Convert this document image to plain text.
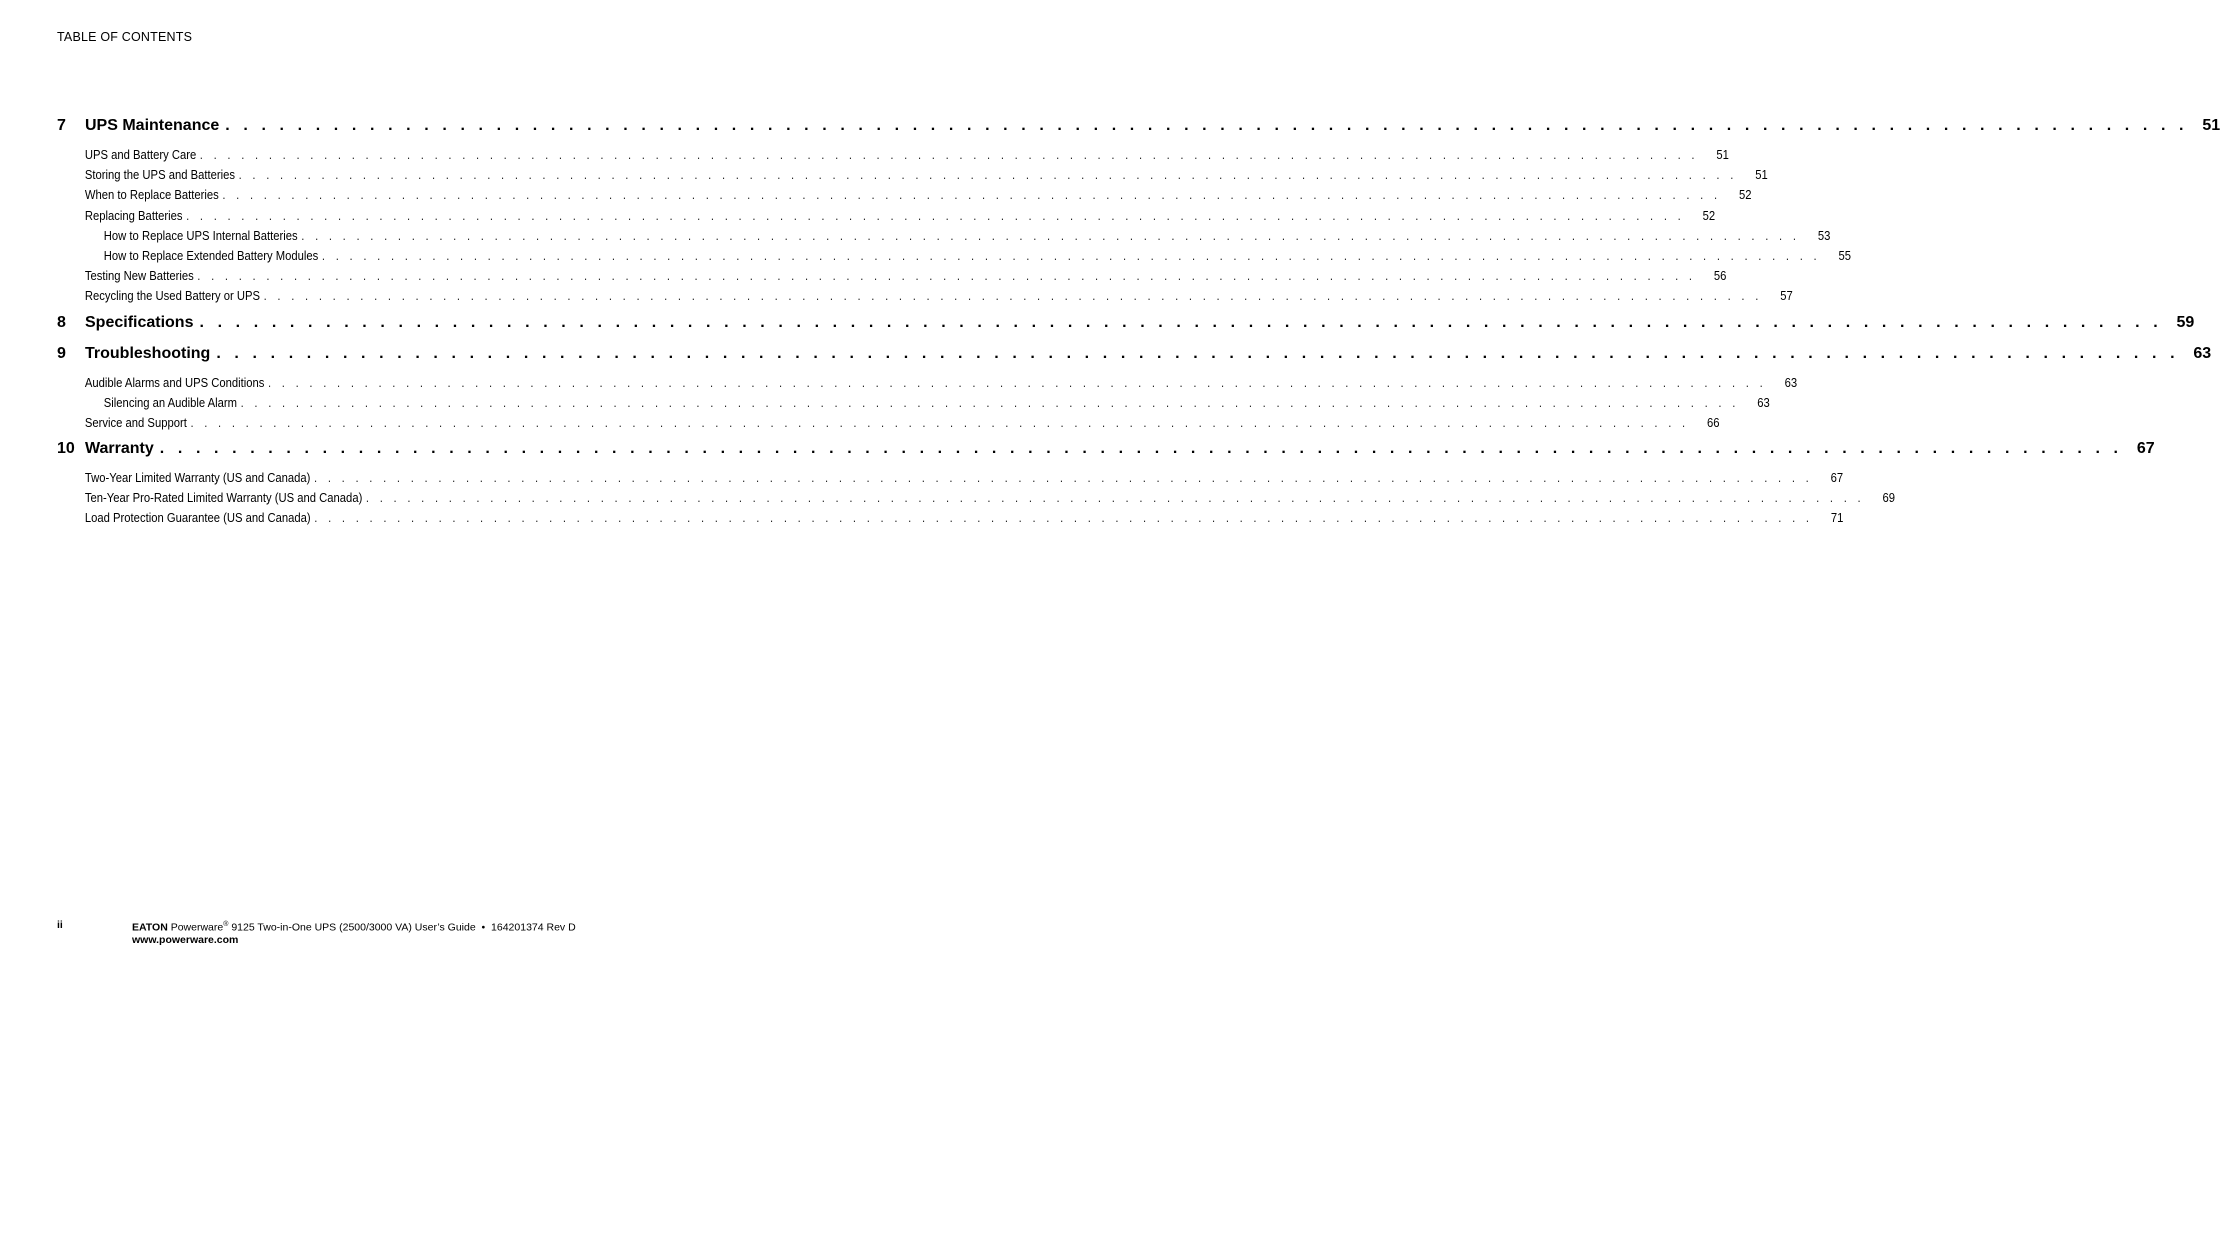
TABLE OF CONTENTS
7	UPS Maintenance . . . . . . . . . . . . . . . . . . . . . . . . . . . . . . . . . . . . . . . . . . . . . . . . . . . . . . . . . . . . . . . . . . . . . . . . . . . . . . . . . . . . . . . . . . . . . . . . . . . . . . . . . . . . . 51
UPS and Battery Care . . . . . . . . . . . . . . . . . . . . . . . . . . . . . . . . . . . . . . . . . . . . . . . . . . . . . . . . . . . . . . . . . . . . . . . . . . . . . . . . . . . . . . . . . . . . . . . . . . . . . . . . . . . . .	51
Storing the UPS and Batteries . . . . . . . . . . . . . . . . . . . . . . . . . . . . . . . . . . . . . . . . . . . . . . . . . . . . . . . . . . . . . . . . . . . . . . . . . . . . . . . . . . . . . . . . . . . . . . . . . . . . . . . . . . . . .	51
When to Replace Batteries . . . . . . . . . . . . . . . . . . . . . . . . . . . . . . . . . . . . . . . . . . . . . . . . . . . . . . . . . . . . . . . . . . . . . . . . . . . . . . . . . . . . . . . . . . . . . . . . . . . . . . . . . . . . .	52
Replacing Batteries . . . . . . . . . . . . . . . . . . . . . . . . . . . . . . . . . . . . . . . . . . . . . . . . . . . . . . . . . . . . . . . . . . . . . . . . . . . . . . . . . . . . . . . . . . . . . . . . . . . . . . . . . . . . .	52
How to Replace UPS Internal Batteries . . . . . . . . . . . . . . . . . . . . . . . . . . . . . . . . . . . . . . . . . . . . . . . . . . . . . . . . . . . . . . . . . . . . . . . . . . . . . . . . . . . . . . . . . . . . . . . . . . . . . . . . . . . . .	53
How to Replace Extended Battery Modules . . . . . . . . . . . . . . . . . . . . . . . . . . . . . . . . . . . . . . . . . . . . . . . . . . . . . . . . . . . . . . . . . . . . . . . . . . . . . . . . . . . . . . . . . . . . . . . . . . . . . . . . . . . . .	55
Testing New Batteries . . . . . . . . . . . . . . . . . . . . . . . . . . . . . . . . . . . . . . . . . . . . . . . . . . . . . . . . . . . . . . . . . . . . . . . . . . . . . . . . . . . . . . . . . . . . . . . . . . . . . . . . . . . . .	56
Recycling the Used Battery or UPS . . . . . . . . . . . . . . . . . . . . . . . . . . . . . . . . . . . . . . . . . . . . . . . . . . . . . . . . . . . . . . . . . . . . . . . . . . . . . . . . . . . . . . . . . . . . . . . . . . . . . . . . . . . . .	57
8	Specifications . . . . . . . . . . . . . . . . . . . . . . . . . . . . . . . . . . . . . . . . . . . . . . . . . . . . . . . . . . . . . . . . . . . . . . . . . . . . . . . . . . . . . . . . . . . . . . . . . . . . . . . . . . . . . 59
9	Troubleshooting . . . . . . . . . . . . . . . . . . . . . . . . . . . . . . . . . . . . . . . . . . . . . . . . . . . . . . . . . . . . . . . . . . . . . . . . . . . . . . . . . . . . . . . . . . . . . . . . . . . . . . . . . . . . . 63
Audible Alarms and UPS Conditions . . . . . . . . . . . . . . . . . . . . . . . . . . . . . . . . . . . . . . . . . . . . . . . . . . . . . . . . . . . . . . . . . . . . . . . . . . . . . . . . . . . . . . . . . . . . . . . . . . . . . . . . . . . . .	63
Silencing an Audible Alarm . . . . . . . . . . . . . . . . . . . . . . . . . . . . . . . . . . . . . . . . . . . . . . . . . . . . . . . . . . . . . . . . . . . . . . . . . . . . . . . . . . . . . . . . . . . . . . . . . . . . . . . . . . . . .	63
Service and Support . . . . . . . . . . . . . . . . . . . . . . . . . . . . . . . . . . . . . . . . . . . . . . . . . . . . . . . . . . . . . . . . . . . . . . . . . . . . . . . . . . . . . . . . . . . . . . . . . . . . . . . . . . . . .	66
10 Warranty . . . . . . . . . . . . . . . . . . . . . . . . . . . . . . . . . . . . . . . . . . . . . . . . . . . . . . . . . . . . . . . . . . . . . . . . . . . . . . . . . . . . . . . . . . . . . . . . . . . . . . . . . . . . . 67
Two-Year Limited Warranty (US and Canada) . . . . . . . . . . . . . . . . . . . . . . . . . . . . . . . . . . . . . . . . . . . . . . . . . . . . . . . . . . . . . . . . . . . . . . . . . . . . . . . . . . . . . . . . . . . . . . . . . . . . . . . . . . . . .	67
Ten-Year Pro-Rated Limited Warranty (US and Canada) . . . . . . . . . . . . . . . . . . . . . . . . . . . . . . . . . . . . . . . . . . . . . . . . . . . . . . . . . . . . . . . . . . . . . . . . . . . . . . . . . . . . . . . . . . . . . . . . . . . . . . . . . . . . .	69
Load Protection Guarantee (US and Canada) . . . . . . . . . . . . . . . . . . . . . . . . . . . . . . . . . . . . . . . . . . . . . . . . . . . . . . . . . . . . . . . . . . . . . . . . . . . . . . . . . . . . . . . . . . . . . . . . . . . . . . . . . . . . .	71
ii	EATON Powerware® 9125 Two-in-One UPS (2500/3000 VA) User’s Guide  •  164201374 Rev D
www.powerware.com
